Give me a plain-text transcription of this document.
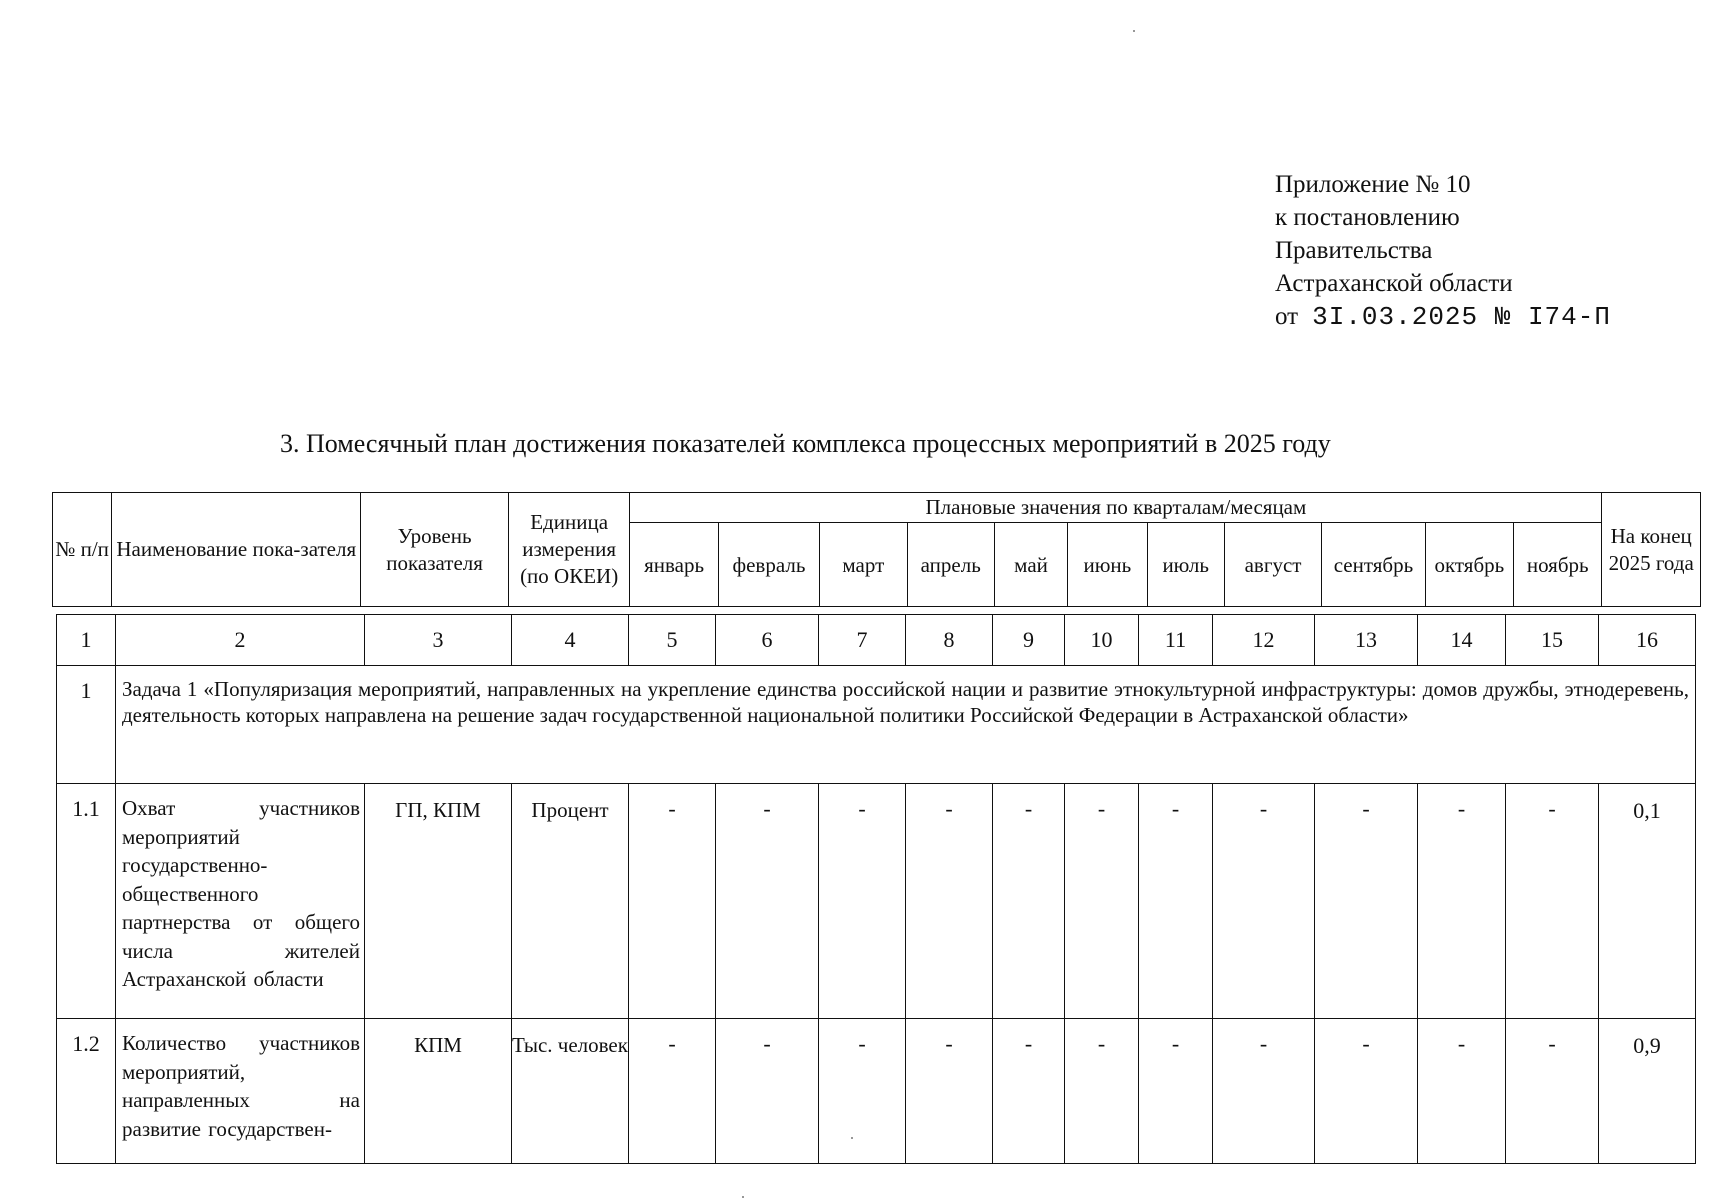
Приложение № 10
к постановлению
Правительства
Астраханской области
от 3I.03.2025 № I74-П
3. Помесячный план достижения показателей комплекса процессных мероприятий в 2025 году
№ п/п	Наименование пока-зателя	Уровень показателя	Единица измерения (по ОКЕИ)	Плановые значения по кварталам/месяцам											На конец 2025 года
				январь	февраль	март	апрель	май	июнь	июль	август	сентябрь	октябрь	ноябрь	
1	2	3	4	5	6	7	8	9	10	11	12	13	14	15	16
1	Задача 1 «Популяризация мероприятий, направленных на укрепление единства российской нации и развитие этнокультурной инфраструктуры: домов дружбы, этнодеревень, деятельность которых направлена на решение задач государственной национальной политики Российской Федерации в Астраханской области»														
1.1	Охват участников мероприятий государственно-общественного партнерства от общего числа жителей Астраханской области	ГП, КПМ	Процент	-	-	-	-	-	-	-	-	-	-	-	0,1
1.2	Количество участников мероприятий, направленных на развитие государствен-	КПМ	Тыс. человек	-	-	-	-	-	-	-	-	-	-	-	0,9
